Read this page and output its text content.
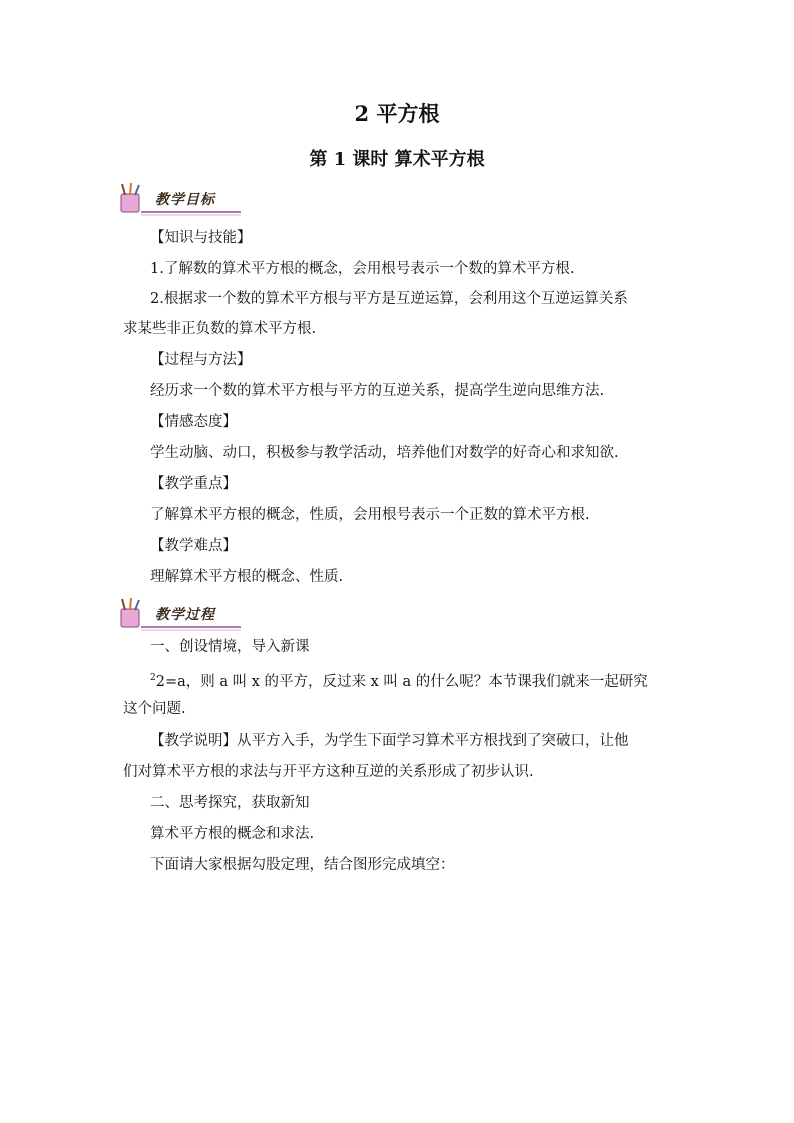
2 平方根
第 1 课时 算术平方根
教学目标
【知识与技能】
1.了解数的算术平方根的概念，会用根号表示一个数的算术平方根.
2.根据求一个数的算术平方根与平方是互逆运算，会利用这个互逆运算关系
求某些非正负数的算术平方根.
【过程与方法】
经历求一个数的算术平方根与平方的互逆关系，提高学生逆向思维方法.
【情感态度】
学生动脑、动口，积极参与教学活动，培养他们对数学的好奇心和求知欲.
【教学重点】
了解算术平方根的概念，性质，会用根号表示一个正数的算术平方根.
【教学难点】
理解算术平方根的概念、性质.
教学过程
一、创设情境，导入新课
$^2$2=a，则 a 叫 x 的平方，反过来 x 叫 a 的什么呢？本节课我们就来一起研究
这个问题.
【教学说明】从平方入手，为学生下面学习算术平方根找到了突破口，让他
们对算术平方根的求法与开平方这种互逆的关系形成了初步认识.
二、思考探究，获取新知
算术平方根的概念和求法.
下面请大家根据勾股定理，结合图形完成填空：
